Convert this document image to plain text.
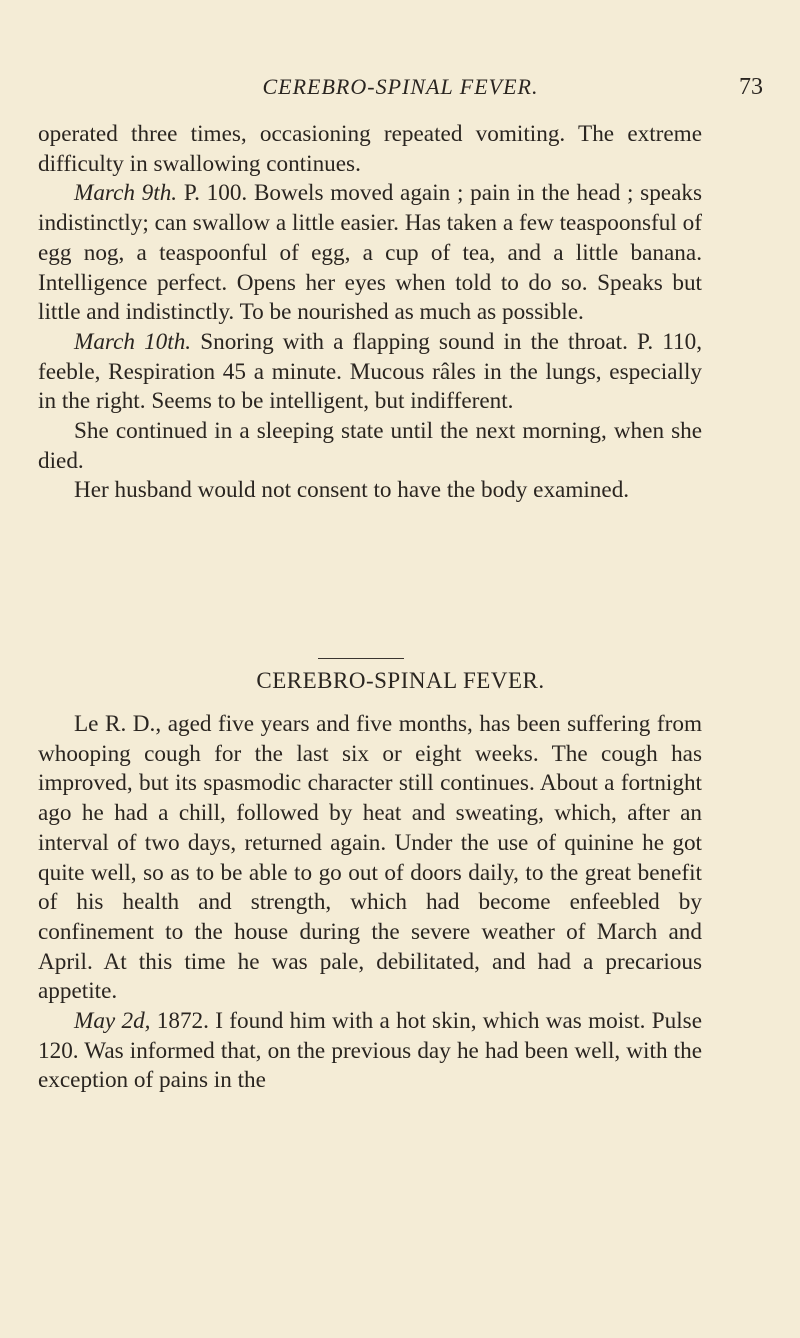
CEREBRO-SPINAL FEVER.	73

operated three times, occasioning repeated vomiting. The extreme difficulty in swallowing continues.

March 9th. P. 100. Bowels moved again ; pain in the head ; speaks indistinctly; can swallow a little easier. Has taken a few teaspoonsful of egg nog, a teaspoonful of egg, a cup of tea, and a little banana. Intelligence perfect. Opens her eyes when told to do so. Speaks but little and indistinctly. To be nourished as much as possible.

March 10th. Snoring with a flapping sound in the throat. P. 110, feeble, Respiration 45 a minute. Mucous râles in the lungs, especially in the right. Seems to be intelligent, but indifferent.

She continued in a sleeping state until the next morning, when she died.

Her husband would not consent to have the body examined.

CEREBRO-SPINAL FEVER.

Le R. D., aged five years and five months, has been suffering from whooping cough for the last six or eight weeks. The cough has improved, but its spasmodic character still continues. About a fortnight ago he had a chill, followed by heat and sweating, which, after an interval of two days, returned again. Under the use of quinine he got quite well, so as to be able to go out of doors daily, to the great benefit of his health and strength, which had become enfeebled by confinement to the house during the severe weather of March and April. At this time he was pale, debilitated, and had a precarious appetite.

May 2d, 1872. I found him with a hot skin, which was moist. Pulse 120. Was informed that, on the previous day he had been well, with the exception of pains in the
